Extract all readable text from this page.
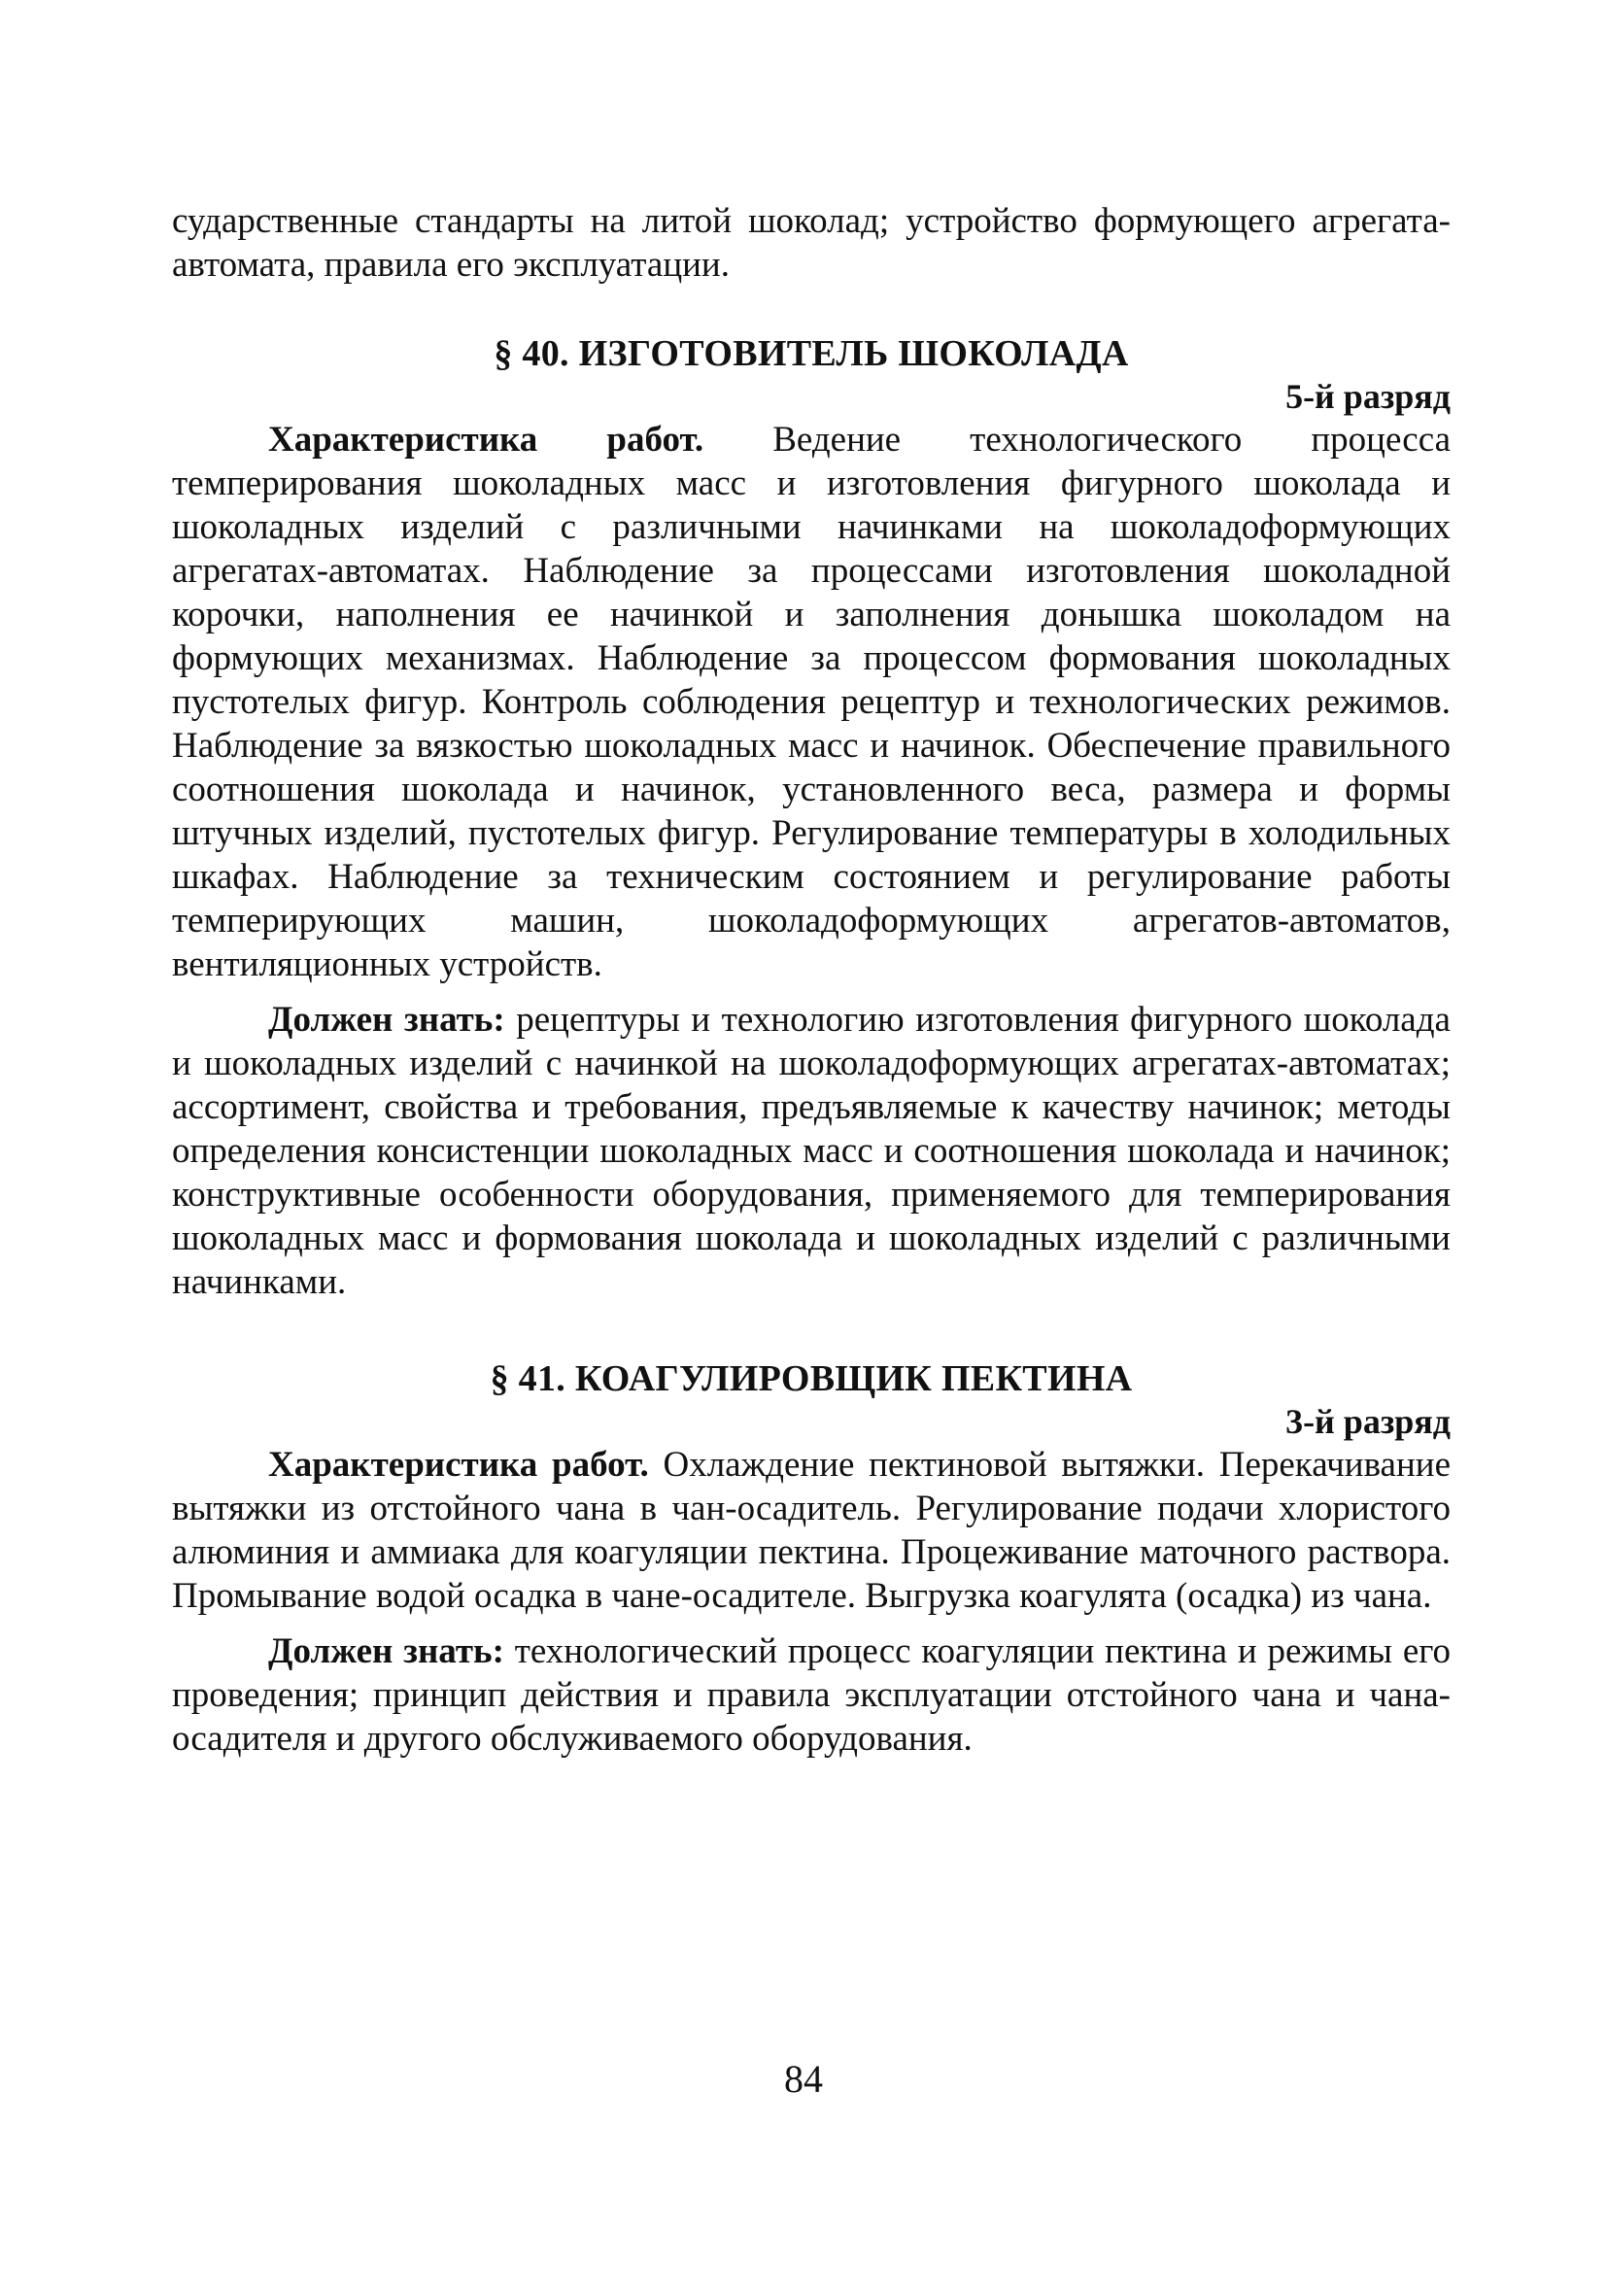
сударственные стандарты на литой шоколад; устройство формующего агрегата-автомата, правила его эксплуатации.

§ 40. ИЗГОТОВИТЕЛЬ ШОКОЛАДА

5-й разряд

Характеристика работ. Ведение технологического процесса темперирования шоколадных масс и изготовления фигурного шоколада и шоколадных изделий с различными начинками на шоколадоформующих агрегатах-автоматах. Наблюдение за процессами изготовления шоколадной корочки, наполнения ее начинкой и заполнения донышка шоколадом на формующих механизмах. Наблюдение за процессом формования шоколадных пустотелых фигур. Контроль соблюдения рецептур и технологических режимов. Наблюдение за вязкостью шоколадных масс и начинок. Обеспечение правильного соотношения шоколада и начинок, установленного веса, размера и формы штучных изделий, пустотелых фигур. Регулирование температуры в холодильных шкафах. Наблюдение за техническим состоянием и регулирование работы темперирующих машин, шоколадоформующих агрегатов-автоматов, вентиляционных устройств.

Должен знать: рецептуры и технологию изготовления фигурного шоколада и шоколадных изделий с начинкой на шоколадоформующих агрегатах-автоматах; ассортимент, свойства и требования, предъявляемые к качеству начинок; методы определения консистенции шоколадных масс и соотношения шоколада и начинок; конструктивные особенности оборудования, применяемого для темперирования шоколадных масс и формования шоколада и шоколадных изделий с различными начинками.

§ 41. КОАГУЛИРОВЩИК ПЕКТИНА

3-й разряд

Характеристика работ. Охлаждение пектиновой вытяжки. Перекачивание вытяжки из отстойного чана в чан-осадитель. Регулирование подачи хлористого алюминия и аммиака для коагуляции пектина. Процеживание маточного раствора. Промывание водой осадка в чане-осадителе. Выгрузка коагулята (осадка) из чана.

Должен знать: технологический процесс коагуляции пектина и режимы его проведения; принцип действия и правила эксплуатации отстойного чана и чана-осадителя и другого обслуживаемого оборудования.

84
